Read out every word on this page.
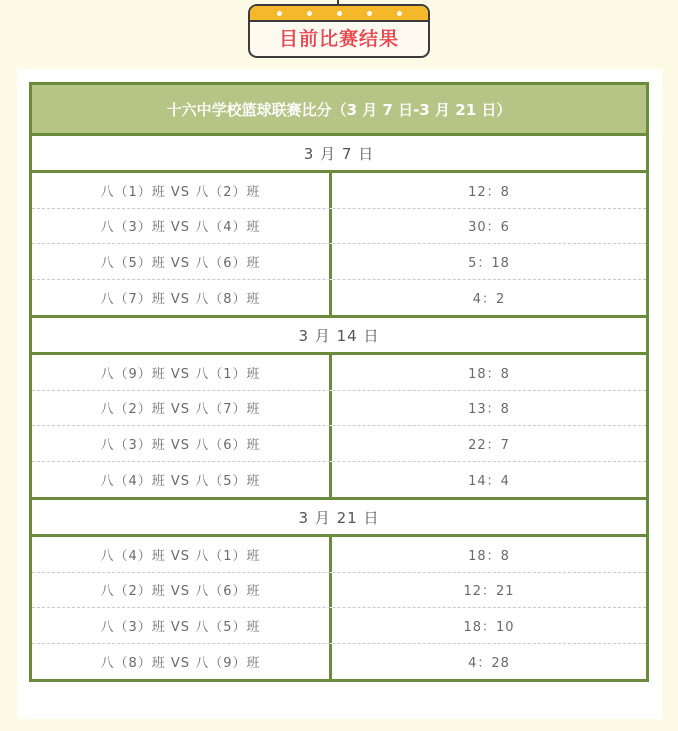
目前比赛结果
十六中学校篮球联赛比分（3 月 7 日-3 月 21 日）
3 月 7 日
八（1）班 VS 八（2）班	12：8
八（3）班 VS 八（4）班	30：6
八（5）班 VS 八（6）班	5：18
八（7）班 VS 八（8）班	4：2
3 月 14 日
八（9）班 VS 八（1）班	18：8
八（2）班 VS 八（7）班	13：8
八（3）班 VS 八（6）班	22：7
八（4）班 VS 八（5）班	14：4
3 月 21 日
八（4）班 VS 八（1）班	18：8
八（2）班 VS 八（6）班	12：21
八（3）班 VS 八（5）班	18：10
八（8）班 VS 八（9）班	4：28
